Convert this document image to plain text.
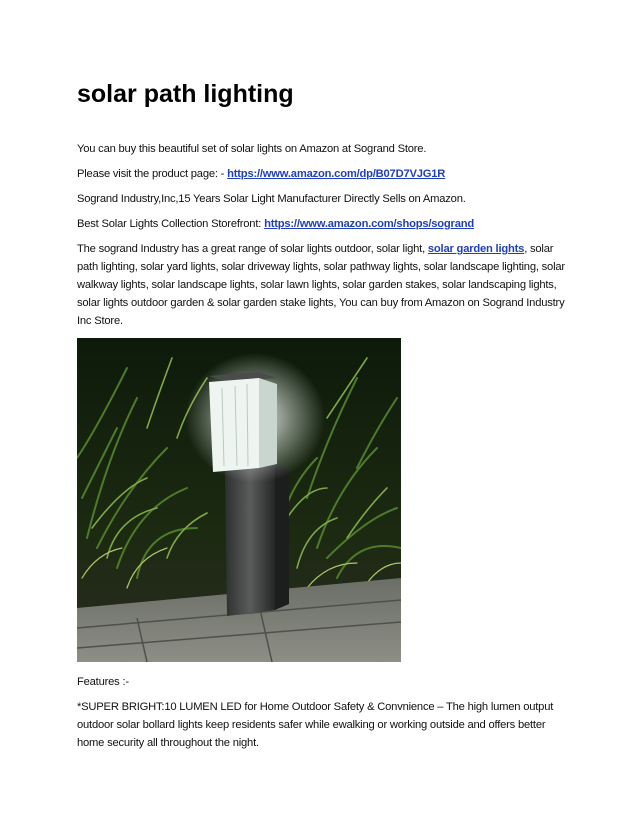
solar path lighting

You can buy this beautiful set of solar lights on Amazon at Sogrand Store.

Please visit the product page: - https://www.amazon.com/dp/B07D7VJG1R

Sogrand Industry,Inc,15 Years Solar Light Manufacturer Directly Sells on Amazon.

Best Solar Lights Collection Storefront: https://www.amazon.com/shops/sogrand

The sogrand Industry has a great range of solar lights outdoor, solar light, solar garden lights, solar path lighting, solar yard lights, solar driveway lights, solar pathway lights, solar landscape lighting, solar walkway lights, solar landscape lights, solar lawn lights, solar garden stakes, solar landscaping lights, solar lights outdoor garden & solar garden stake lights, You can buy from Amazon on Sogrand Industry Inc Store.

Features :-

*SUPER BRIGHT:10 LUMEN LED for Home Outdoor Safety & Convnience – The high lumen output outdoor solar bollard lights keep residents safer while ewalking or working outside and offers better home security all throughout the night.
